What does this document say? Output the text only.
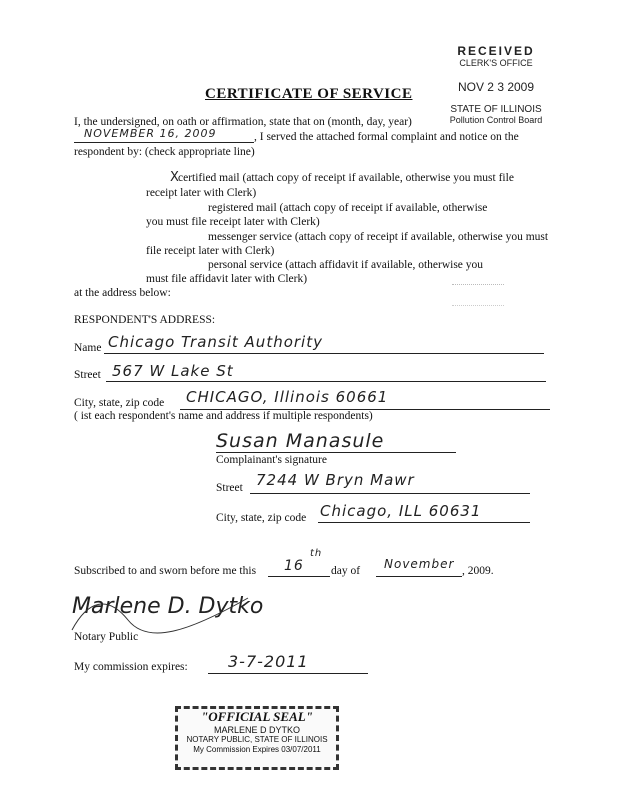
RECEIVED
CLERK'S OFFICE
NOV 2 3 2009
STATE OF ILLINOIS
Pollution Control Board
CERTIFICATE OF SERVICE
I, the undersigned, on oath or affirmation, state that on (month, day, year)
NOVEMBER 16, 2009	, I served the attached formal complaint and notice on the
respondent by: (check appropriate line)
X
certified mail (attach copy of receipt if available, otherwise you must file
receipt later with Clerk)
registered mail (attach copy of receipt if available, otherwise
you must file receipt later with Clerk)
messenger service (attach copy of receipt if available, otherwise you must
file receipt later with Clerk)
personal service (attach affidavit if available, otherwise you
must file affidavit later with Clerk)
at the address below:
RESPONDENT'S ADDRESS:
Name Chicago Transit Authority
Street 567 W Lake St
City, state, zip code CHICAGO, Illinois 60661
( ist each respondent's name and address if multiple respondents)
Susan Manasule
Complainant's signature
Street 7244 W Bryn Mawr
City, state, zip code Chicago, ILL 60631
Subscribed to and sworn before me this 16
th
day of November , 2009.
Marlene D. Dytko
Notary Public
My commission expires:	3-7-2011
"OFFICIAL SEAL"
MARLENE D DYTKO
NOTARY PUBLIC, STATE OF ILLINOIS
My Commission Expires 03/07/2011
